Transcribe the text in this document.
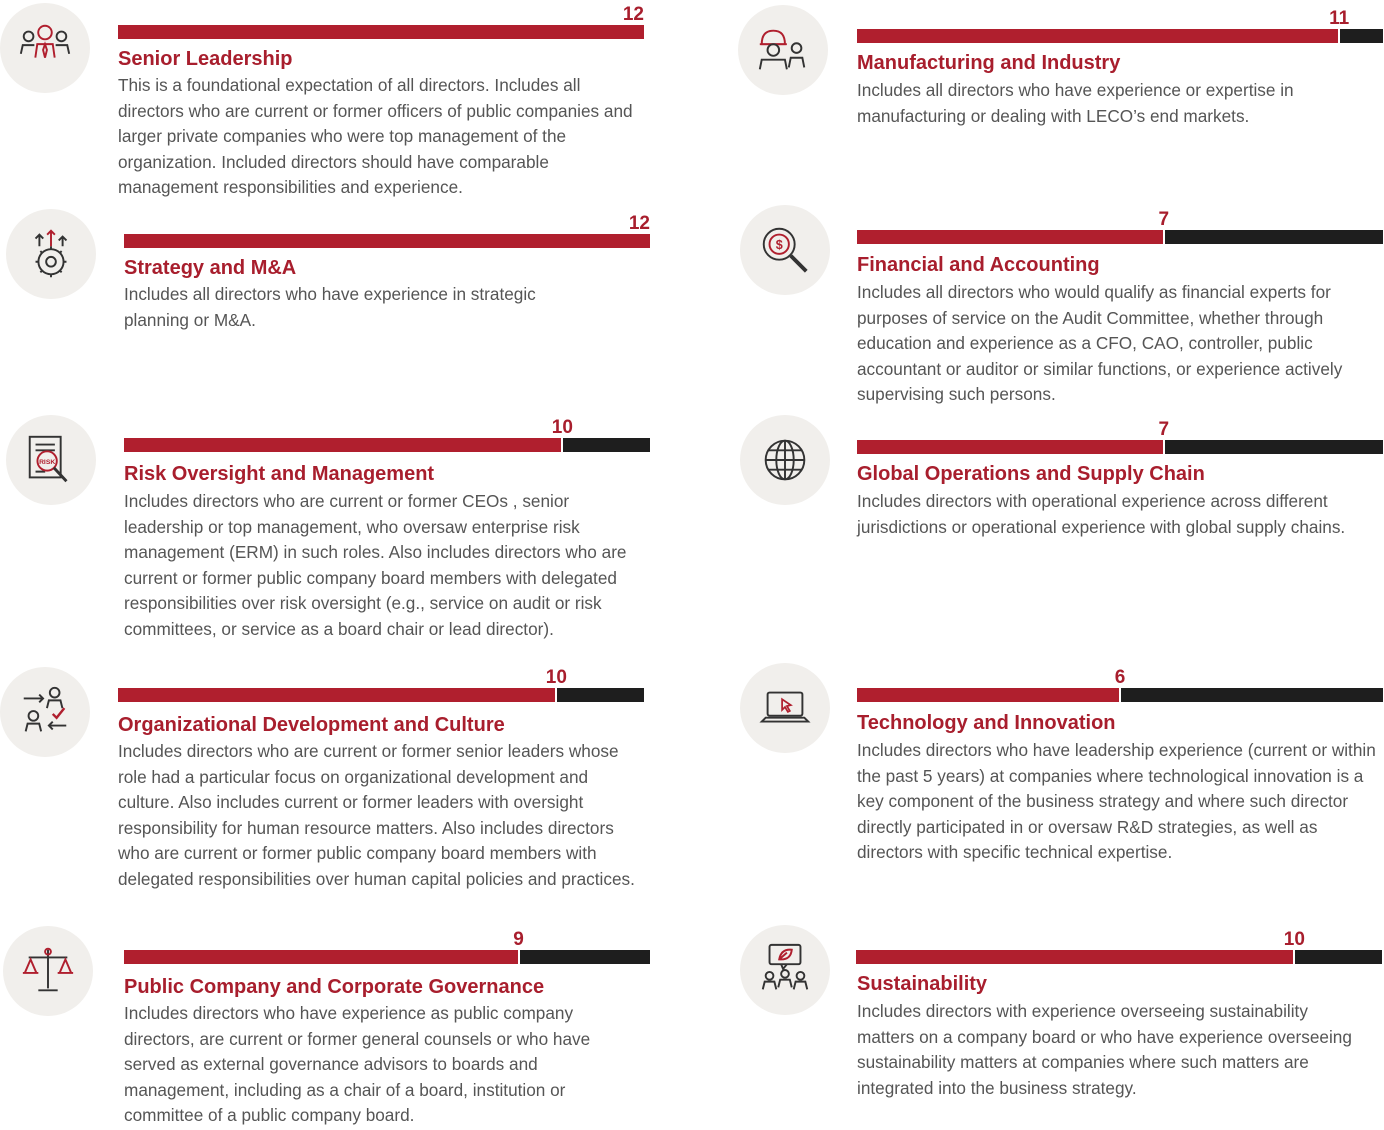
12
Senior Leadership
This is a foundational expectation of all directors. Includes all directors who are current or former officers of public companies and larger private companies who were top management of the organization. Included directors should have comparable management responsibilities and experience.
12
Strategy and M&A
Includes all directors who have experience in strategic planning or M&A.
RISK
10
Risk Oversight and Management
Includes directors who are current or former CEOs , senior leadership or top management, who oversaw enterprise risk management (ERM) in such roles. Also includes directors who are current or former public company board members with delegated responsibilities over risk oversight (e.g., service on audit or risk committees, or service as a board chair or lead director).
10
Organizational Development and Culture
Includes directors who are current or former senior leaders whose role had a particular focus on organizational development and culture. Also includes current or former leaders with oversight responsibility for human resource matters. Also includes directors who are current or former public company board members with delegated responsibilities over human capital policies and practices.
9
Public Company and Corporate Governance
Includes directors who have experience as public company directors, are current or former general counsels or who have served as external governance advisors to boards and management, including as a chair of a board, institution or committee of a public company board.
11
Manufacturing and Industry
Includes all directors who have experience or expertise in manufacturing or dealing with LECO’s end markets.
$
7
Financial and Accounting
Includes all directors who would qualify as financial experts for purposes of service on the Audit Committee, whether through education and experience as a CFO, CAO, controller, public accountant or auditor or similar functions, or experience actively supervising such persons.
7
Global Operations and Supply Chain
Includes directors with operational experience across different jurisdictions or operational experience with global supply chains.
6
Technology and Innovation
Includes directors who have leadership experience (current or within the past 5 years) at companies where technological innovation is a key component of the business strategy and where such director directly participated in or oversaw R&D strategies, as well as directors with specific technical expertise.
10
Sustainability
Includes directors with experience overseeing sustainability matters on a company board or who have experience overseeing sustainability matters at companies where such matters are integrated into the business strategy.
